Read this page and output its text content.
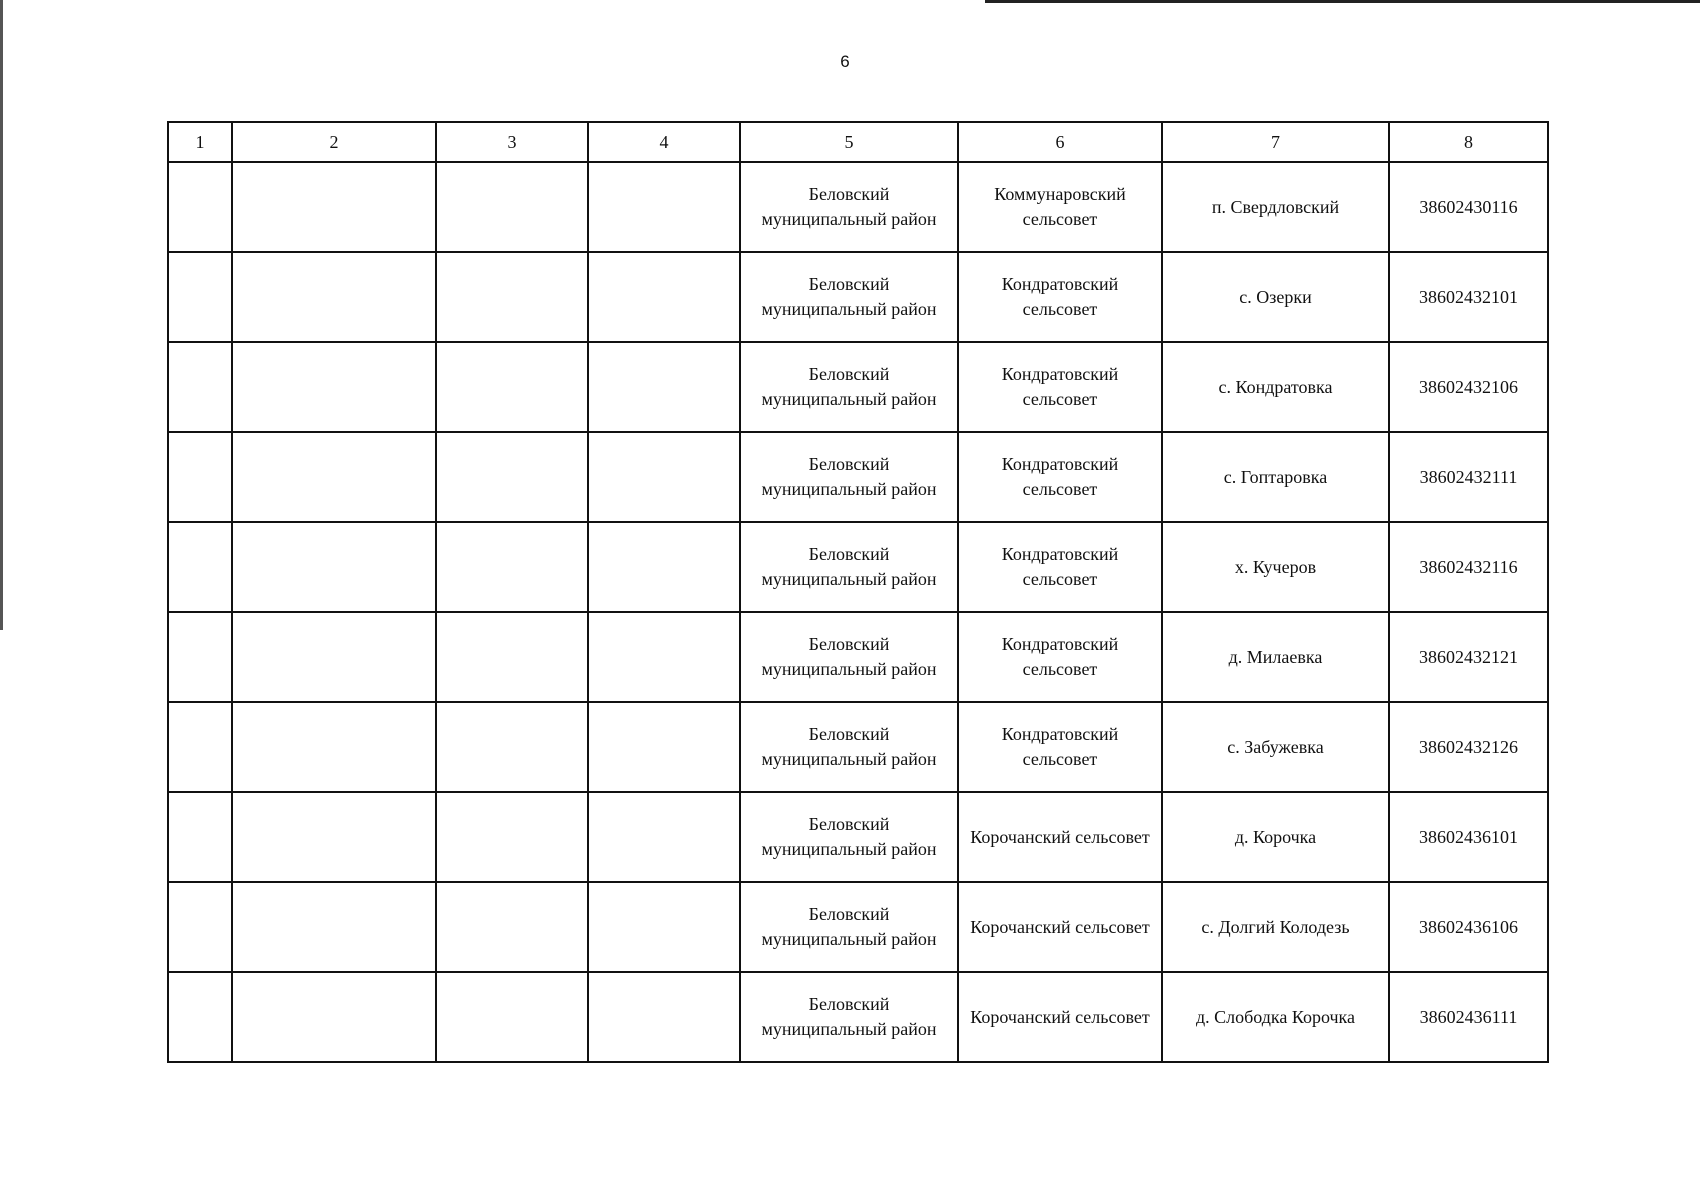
6
1	2	3	4	5	6	7	8
				Беловский муниципальный район	Коммунаровский сельсовет	п. Свердловский	38602430116
				Беловский муниципальный район	Кондратовский сельсовет	с. Озерки	38602432101
				Беловский муниципальный район	Кондратовский сельсовет	с. Кондратовка	38602432106
				Беловский муниципальный район	Кондратовский сельсовет	с. Гоптаровка	38602432111
				Беловский муниципальный район	Кондратовский сельсовет	х. Кучеров	38602432116
				Беловский муниципальный район	Кондратовский сельсовет	д. Милаевка	38602432121
				Беловский муниципальный район	Кондратовский сельсовет	с. Забужевка	38602432126
				Беловский муниципальный район	Корочанский сельсовет	д. Корочка	38602436101
				Беловский муниципальный район	Корочанский сельсовет	с. Долгий Колодезь	38602436106
				Беловский муниципальный район	Корочанский сельсовет	д. Слободка Корочка	38602436111
